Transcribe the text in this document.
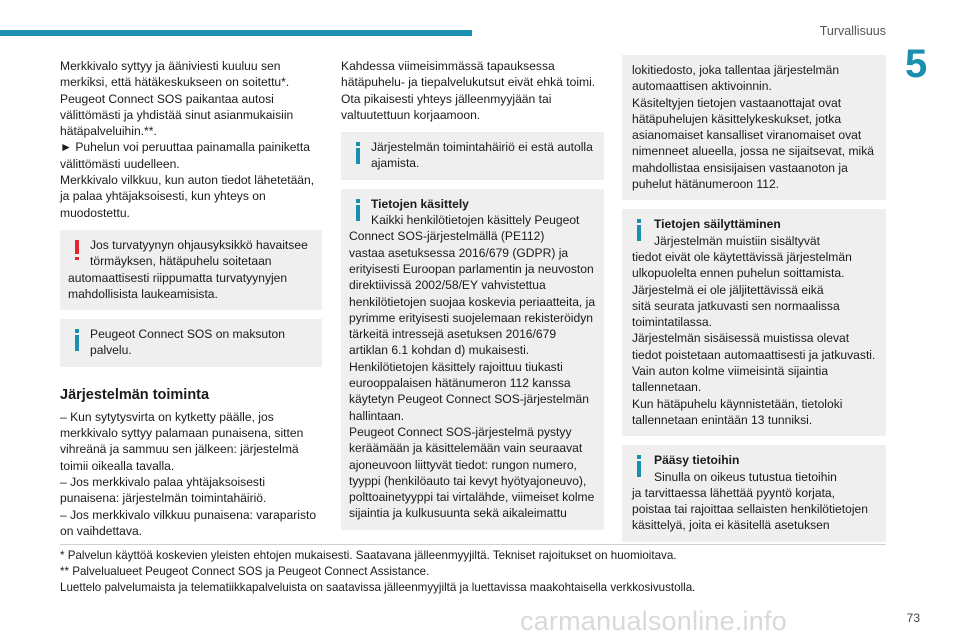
Turvallisuus
5

Merkkivalo syttyy ja ääniviesti kuuluu sen
merkiksi, että hätäkeskukseen on soitettu*.
Peugeot Connect SOS paikantaa autosi
välittömästi ja yhdistää sinut asianmukaisiin
hätäpalveluihin.**.
► Puhelun voi peruuttaa painamalla painiketta
välittömästi uudelleen.
Merkkivalo vilkkuu, kun auton tiedot lähetetään,
ja palaa yhtäjaksoisesti, kun yhteys on
muodostettu.

Jos turvatyynyn ohjausyksikkö havaitsee
törmäyksen, hätäpuhelu soitetaan
automaattisesti riippumatta turvatyynyjen
mahdollisista laukeamisista.
Peugeot Connect SOS on maksuton
palvelu.
Järjestelmän toiminta

– Kun sytytysvirta on kytketty päälle, jos
merkkivalo syttyy palamaan punaisena, sitten
vihreänä ja sammuu sen jälkeen: järjestelmä
toimii oikealla tavalla.
– Jos merkkivalo palaa yhtäjaksoisesti
punaisena: järjestelmän toimintahäiriö.
– Jos merkkivalo vilkkuu punaisena: varaparisto
on vaihdettava.

Kahdessa viimeisimmässä tapauksessa
hätäpuhelu- ja tiepalvelukutsut eivät ehkä toimi.
Ota pikaisesti yhteys jälleenmyyjään tai
valtuutettuun korjaamoon.

Järjestelmän toimintahäiriö ei estä autolla
ajamista.
Tietojen käsittely
Kaikki henkilötietojen käsittely Peugeot
Connect SOS-järjestelmällä (PE112)
vastaa asetuksessa 2016/679 (GDPR) ja
erityisesti Euroopan parlamentin ja neuvoston
direktiivissä 2002/58/EY vahvistettua
henkilötietojen suojaa koskevia periaatteita, ja
pyrimme erityisesti suojelemaan rekisteröidyn
tärkeitä intressejä asetuksen 2016/679
artiklan 6.1 kohdan d) mukaisesti.
Henkilötietojen käsittely rajoittuu tiukasti
eurooppalaisen hätänumeron 112 kanssa
käytetyn Peugeot Connect SOS-järjestelmän
hallintaan.
Peugeot Connect SOS-järjestelmä pystyy
keräämään ja käsittelemään vain seuraavat
ajoneuvoon liittyvät tiedot: rungon numero,
tyyppi (henkilöauto tai kevyt hyötyajoneuvo),
polttoainetyyppi tai virtalähde, viimeiset kolme
sijaintia ja kulkusuunta sekä aikaleimattu
lokitiedosto, joka tallentaa järjestelmän
automaattisen aktivoinnin.
Käsiteltyjen tietojen vastaanottajat ovat
hätäpuhelujen käsittelykeskukset, jotka
asianomaiset kansalliset viranomaiset ovat
nimenneet alueella, jossa ne sijaitsevat, mikä
mahdollistaa ensisijaisen vastaanoton ja
puhelut hätänumeroon 112.
Tietojen säilyttäminen
Järjestelmän muistiin sisältyvät
tiedot eivät ole käytettävissä järjestelmän
ulkopuolelta ennen puhelun soittamista.
Järjestelmä ei ole jäljitettävissä eikä
sitä seurata jatkuvasti sen normaalissa
toimintatilassa.
Järjestelmän sisäisessä muistissa olevat
tiedot poistetaan automaattisesti ja jatkuvasti.
Vain auton kolme viimeisintä sijaintia
tallennetaan.
Kun hätäpuhelu käynnistetään, tietoloki
tallennetaan enintään 13 tunniksi.
Pääsy tietoihin
Sinulla on oikeus tutustua tietoihin
ja tarvittaessa lähettää pyyntö korjata,
poistaa tai rajoittaa sellaisten henkilötietojen
käsittelyä, joita ei käsitellä asetuksen
* Palvelun käyttöä koskevien yleisten ehtojen mukaisesti. Saatavana jälleenmyyjiltä. Tekniset rajoitukset on huomioitava.
** Palvelualueet Peugeot Connect SOS ja Peugeot Connect Assistance.
Luettelo palvelumaista ja telematiikkapalveluista on saatavissa jälleenmyyjiltä ja luettavissa maakohtaisella verkkosivustolla.
carmanualsonline.info	73
